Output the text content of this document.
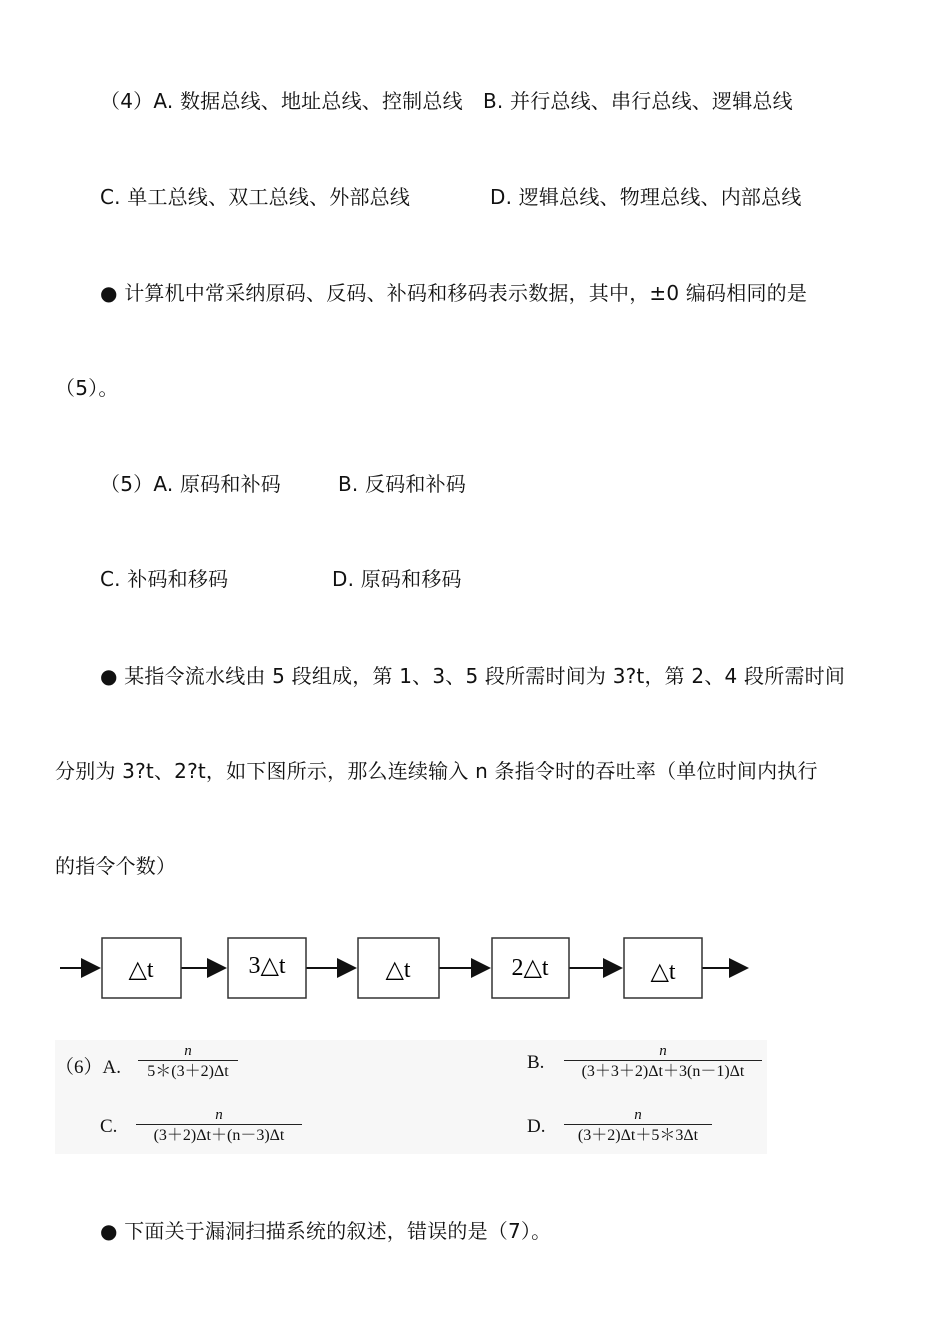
（4）A. 数据总线、地址总线、控制总线　B. 并行总线、串行总线、逻辑总线
C. 单工总线、双工总线、外部总线	D. 逻辑总线、物理总线、内部总线
● 计算机中常采纳原码、反码、补码和移码表示数据，其中，±0 编码相同的是
（5）。
（5）A. 原码和补码	B. 反码和补码
C. 补码和移码	D. 原码和移码
● 某指令流水线由 5 段组成，第 1、3、5 段所需时间为 3?t，第 2、4 段所需时间
分别为 3?t、2?t，如下图所示，那么连续输入 n 条指令时的吞吐率（单位时间内执行
的指令个数）
△t	3△t	△t	2△t	△t
（6）A. $\frac{n}{5*(3+2)\Delta t}$	B. $\frac{n}{(3+3+2)\Delta t+3(n-1)\Delta t}$
C. $\frac{n}{(3+2)\Delta t+(n-3)\Delta t}$	D. $\frac{n}{(3+2)\Delta t+5*3\Delta t}$
● 下面关于漏洞扫描系统的叙述，错误的是（7）。
